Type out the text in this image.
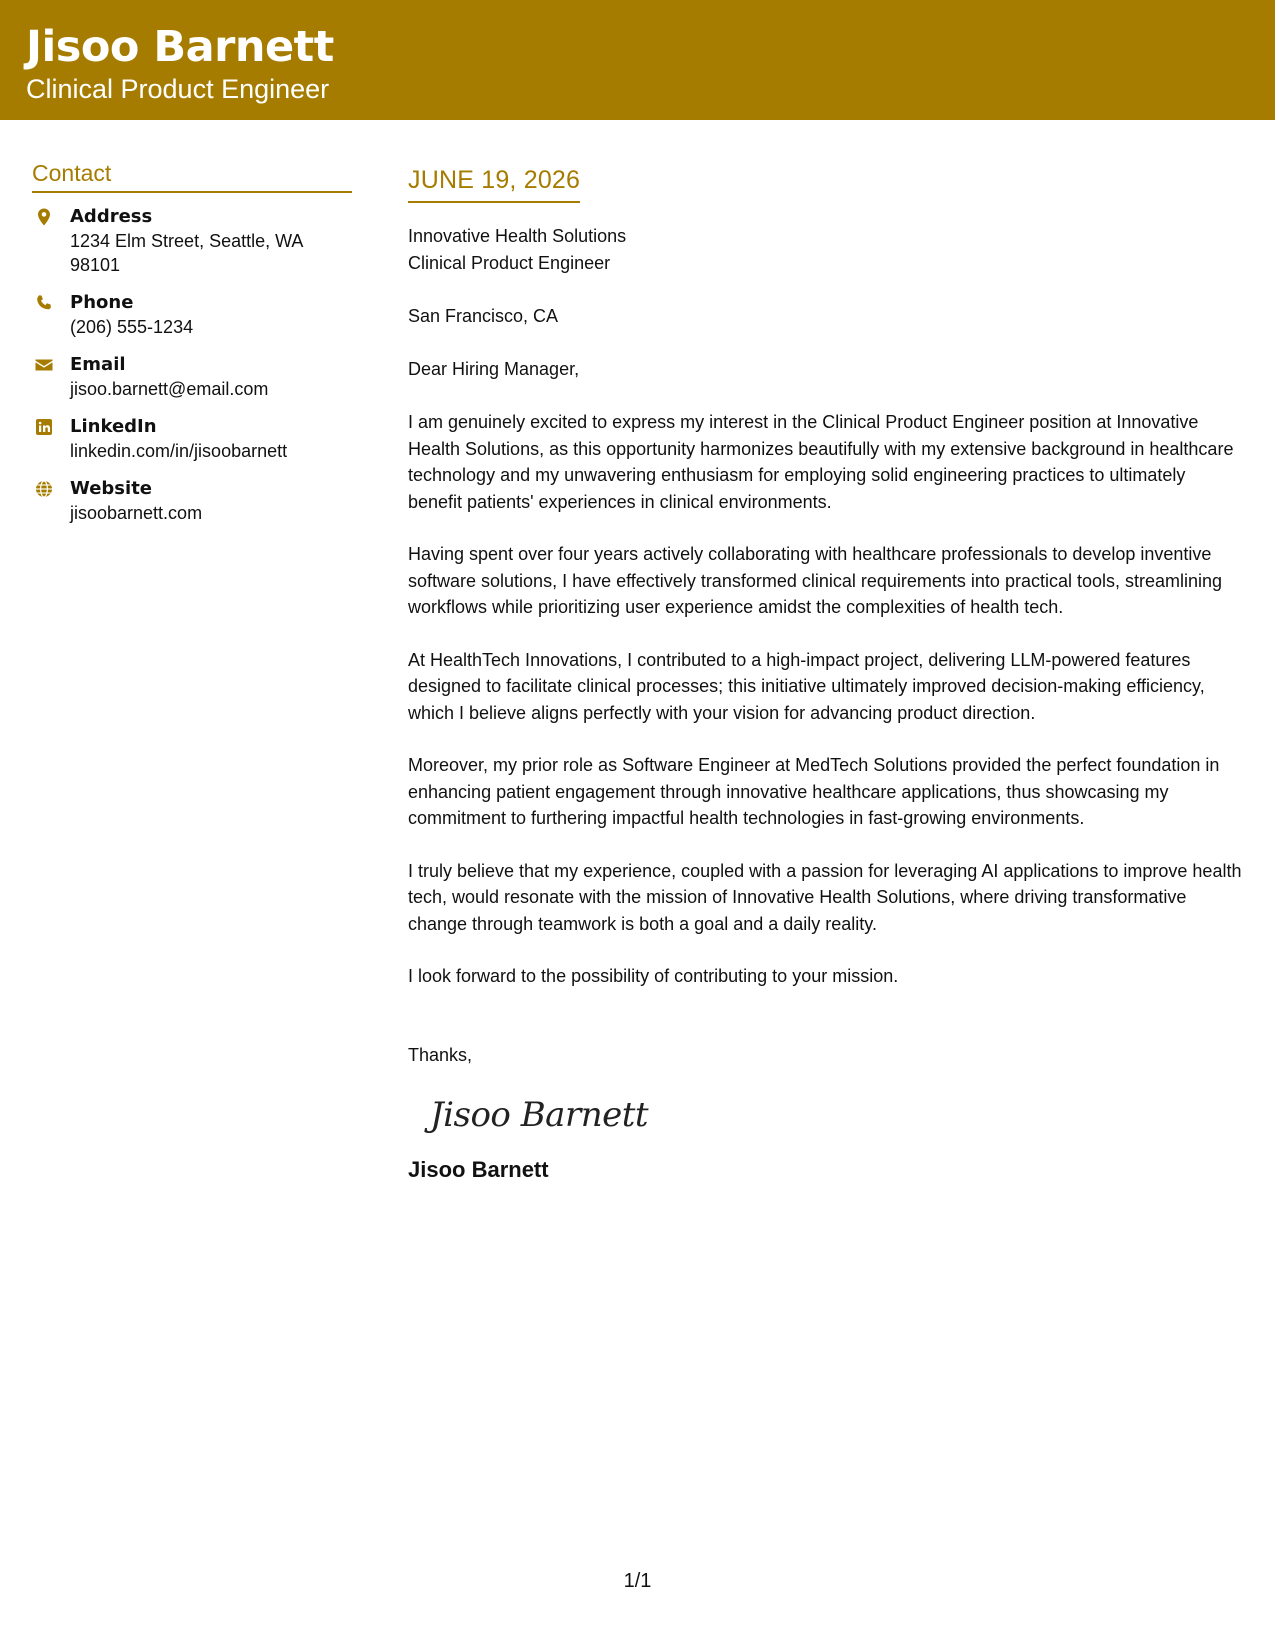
Jisoo Barnett
Clinical Product Engineer
Contact
Address
1234 Elm Street, Seattle, WA 98101
Phone
(206) 555-1234
Email
jisoo.barnett@email.com
LinkedIn
linkedin.com/in/jisoobarnett
Website
jisoobarnett.com
JUNE 19, 2026
Innovative Health Solutions
Clinical Product Engineer
San Francisco, CA
Dear Hiring Manager,
I am genuinely excited to express my interest in the Clinical Product Engineer position at Innovative Health Solutions, as this opportunity harmonizes beautifully with my extensive background in healthcare technology and my unwavering enthusiasm for employing solid engineering practices to ultimately benefit patients' experiences in clinical environments.
Having spent over four years actively collaborating with healthcare professionals to develop inventive software solutions, I have effectively transformed clinical requirements into practical tools, streamlining workflows while prioritizing user experience amidst the complexities of health tech.
At HealthTech Innovations, I contributed to a high-impact project, delivering LLM-powered features designed to facilitate clinical processes; this initiative ultimately improved decision-making efficiency, which I believe aligns perfectly with your vision for advancing product direction.
Moreover, my prior role as Software Engineer at MedTech Solutions provided the perfect foundation in enhancing patient engagement through innovative healthcare applications, thus showcasing my commitment to furthering impactful health technologies in fast-growing environments.
I truly believe that my experience, coupled with a passion for leveraging AI applications to improve health tech, would resonate with the mission of Innovative Health Solutions, where driving transformative change through teamwork is both a goal and a daily reality.
I look forward to the possibility of contributing to your mission.
Thanks,
Jisoo Barnett
Jisoo Barnett
1/1
